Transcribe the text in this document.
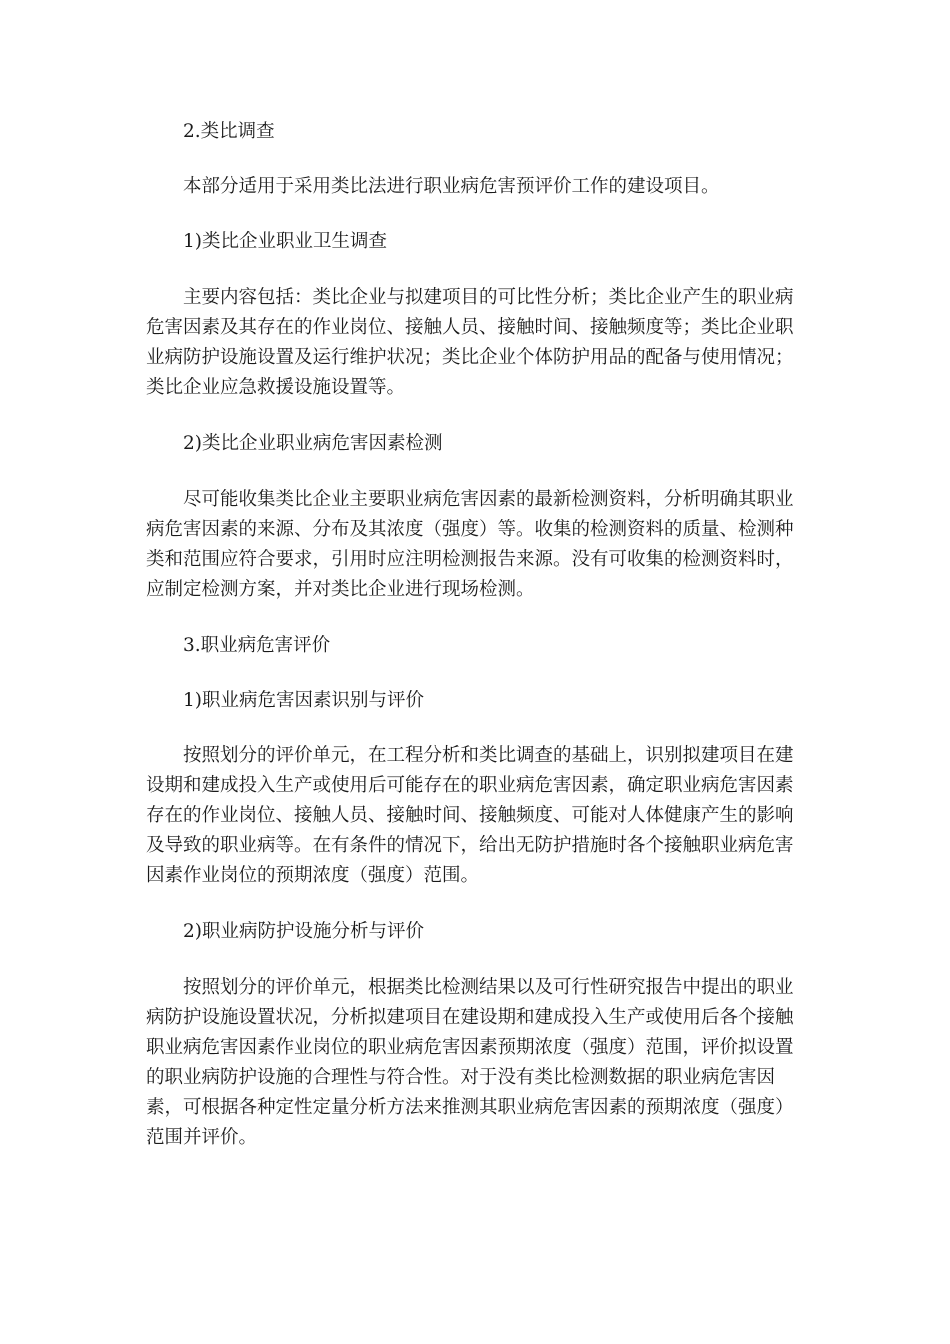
2.类比调查
本部分适用于采用类比法进行职业病危害预评价工作的建设项目。
1)类比企业职业卫生调查
主要内容包括：类比企业与拟建项目的可比性分析；类比企业产生的职业病
危害因素及其存在的作业岗位、接触人员、接触时间、接触频度等；类比企业职
业病防护设施设置及运行维护状况；类比企业个体防护用品的配备与使用情况；
类比企业应急救援设施设置等。
2)类比企业职业病危害因素检测
尽可能收集类比企业主要职业病危害因素的最新检测资料，分析明确其职业
病危害因素的来源、分布及其浓度（强度）等。收集的检测资料的质量、检测种
类和范围应符合要求，引用时应注明检测报告来源。没有可收集的检测资料时，
应制定检测方案，并对类比企业进行现场检测。
3.职业病危害评价
1)职业病危害因素识别与评价
按照划分的评价单元，在工程分析和类比调查的基础上，识别拟建项目在建
设期和建成投入生产或使用后可能存在的职业病危害因素，确定职业病危害因素
存在的作业岗位、接触人员、接触时间、接触频度、可能对人体健康产生的影响
及导致的职业病等。在有条件的情况下，给出无防护措施时各个接触职业病危害
因素作业岗位的预期浓度（强度）范围。
2)职业病防护设施分析与评价
按照划分的评价单元，根据类比检测结果以及可行性研究报告中提出的职业
病防护设施设置状况，分析拟建项目在建设期和建成投入生产或使用后各个接触
职业病危害因素作业岗位的职业病危害因素预期浓度（强度）范围，评价拟设置
的职业病防护设施的合理性与符合性。对于没有类比检测数据的职业病危害因
素，可根据各种定性定量分析方法来推测其职业病危害因素的预期浓度（强度）
范围并评价。
